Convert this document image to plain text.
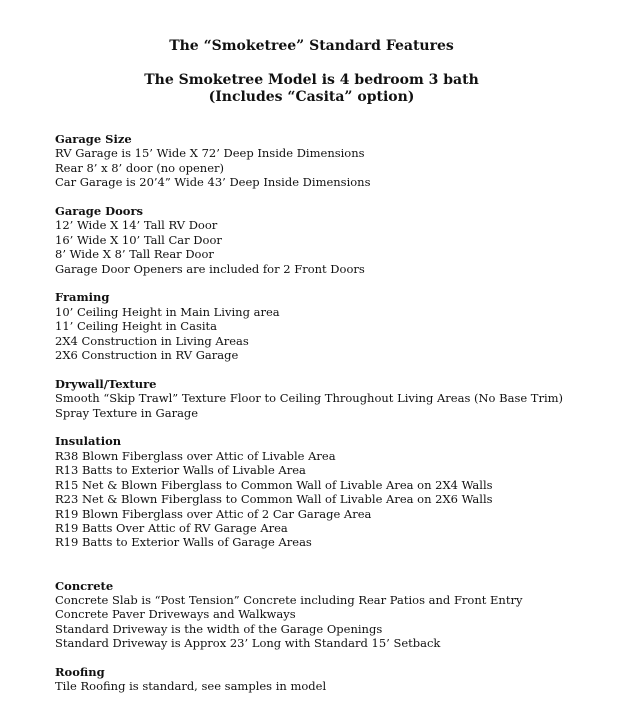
The “Smoketree” Standard Features
The Smoketree Model is 4 bedroom 3 bath
(Includes “Casita” option)
Garage Size
RV Garage is 15’ Wide X 72’ Deep Inside Dimensions
Rear 8’ x 8’ door (no opener)
Car Garage is 20’4” Wide 43’ Deep Inside Dimensions
Garage Doors
12’ Wide X 14’ Tall RV Door
16’ Wide X 10’ Tall Car Door
8’ Wide X 8’ Tall Rear Door
Garage Door Openers are included for 2 Front Doors
Framing
10’ Ceiling Height in Main Living area
11’ Ceiling Height in Casita
2X4 Construction in Living Areas
2X6 Construction in RV Garage
Drywall/Texture
Smooth “Skip Trawl” Texture Floor to Ceiling Throughout Living Areas (No Base Trim)
Spray Texture in Garage
Insulation
R38 Blown Fiberglass over Attic of Livable Area
R13 Batts to Exterior Walls of Livable Area
R15 Net & Blown Fiberglass to Common Wall of Livable Area on 2X4 Walls
R23 Net & Blown Fiberglass to Common Wall of Livable Area on 2X6 Walls
R19 Blown Fiberglass over Attic of 2 Car Garage Area
R19 Batts Over Attic of RV Garage Area
R19 Batts to Exterior Walls of Garage Areas
Concrete
Concrete Slab is “Post Tension” Concrete including Rear Patios and Front Entry
Concrete Paver Driveways and Walkways
Standard Driveway is the width of the Garage Openings
Standard Driveway is Approx 23’ Long with Standard 15’ Setback
Roofing
Tile Roofing is standard, see samples in model
